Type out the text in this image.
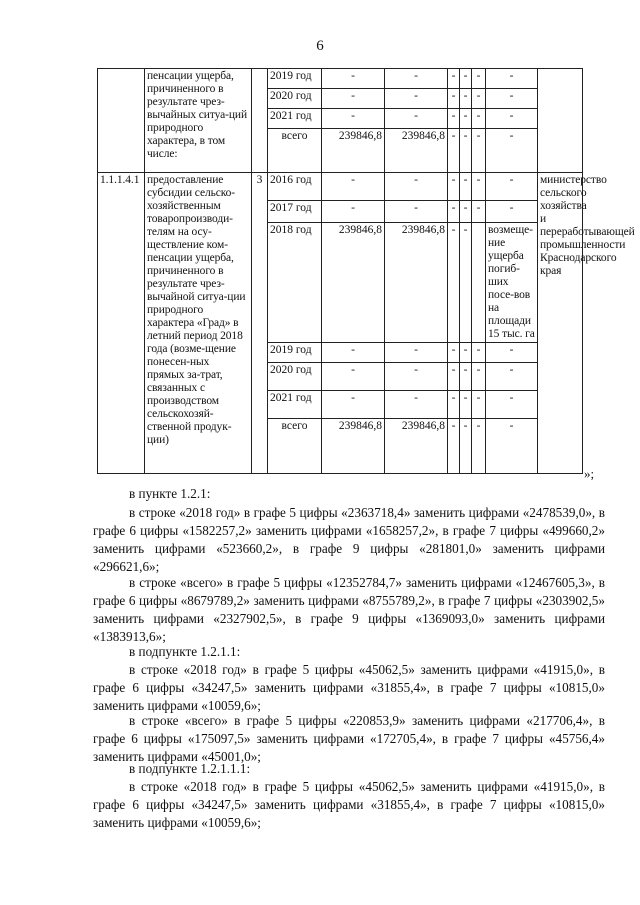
6
	пенсации ущерба, причиненного в результате чрез-вычайных ситуа-ций природного характера, в том числе:		2019 год	-	-	-	-	-	-	
			2020 год	-	-	-	-	-	-	
			2021 год	-	-	-	-	-	-	
			всего	239846,8	239846,8	-	-	-	-	
1.1.1.4.1	предоставление субсидии сельско-хозяйственным товаропроизводи-телям на осу-ществление ком-пенсации ущерба, причиненного в результате чрез-вычайной ситуа-ции природного характера «Град» в летний период 2018 года (возме-щение понесен-ных прямых за-трат, связанных с производством сельскохозяй-ственной продук-ции)	3	2016 год	-	-	-	-	-	-	министерство сельского хозяйства и переработывающей промышленности Краснодарского края
			2017 год	-	-	-	-	-	-	
			2018 год	239846,8	239846,8	-	-		возмеще-ние ущерба погиб-ших посе-вов на площади 15 тыс. га	
			2019 год	-	-	-	-	-	-	
			2020 год	-	-	-	-	-	-	
			2021 год	-	-	-	-	-	-	
			всего	239846,8	239846,8	-	-	-	-	
»;
в пункте 1.2.1:
в строке «2018 год» в графе 5 цифры «2363718,4» заменить цифрами «2478539,0», в графе 6 цифры «1582257,2» заменить цифрами «1658257,2», в графе 7 цифры «499660,2» заменить цифрами «523660,2», в графе 9 цифры «281801,0» заменить цифрами «296621,6»;
в строке «всего» в графе 5 цифры «12352784,7» заменить цифрами «12467605,3», в графе 6 цифры «8679789,2» заменить цифрами «8755789,2», в графе 7 цифры «2303902,5» заменить цифрами «2327902,5», в графе 9 цифры «1369093,0» заменить цифрами «1383913,6»;
в подпункте 1.2.1.1:
в строке «2018 год» в графе 5 цифры «45062,5» заменить цифрами «41915,0», в графе 6 цифры «34247,5» заменить цифрами «31855,4», в графе 7 цифры «10815,0» заменить цифрами «10059,6»;
в строке «всего» в графе 5 цифры «220853,9» заменить цифрами «217706,4», в графе 6 цифры «175097,5» заменить цифрами «172705,4», в графе 7 цифры «45756,4» заменить цифрами «45001,0»;
в подпункте 1.2.1.1.1:
в строке «2018 год» в графе 5 цифры «45062,5» заменить цифрами «41915,0», в графе 6 цифры «34247,5» заменить цифрами «31855,4», в графе 7 цифры «10815,0» заменить цифрами «10059,6»;
